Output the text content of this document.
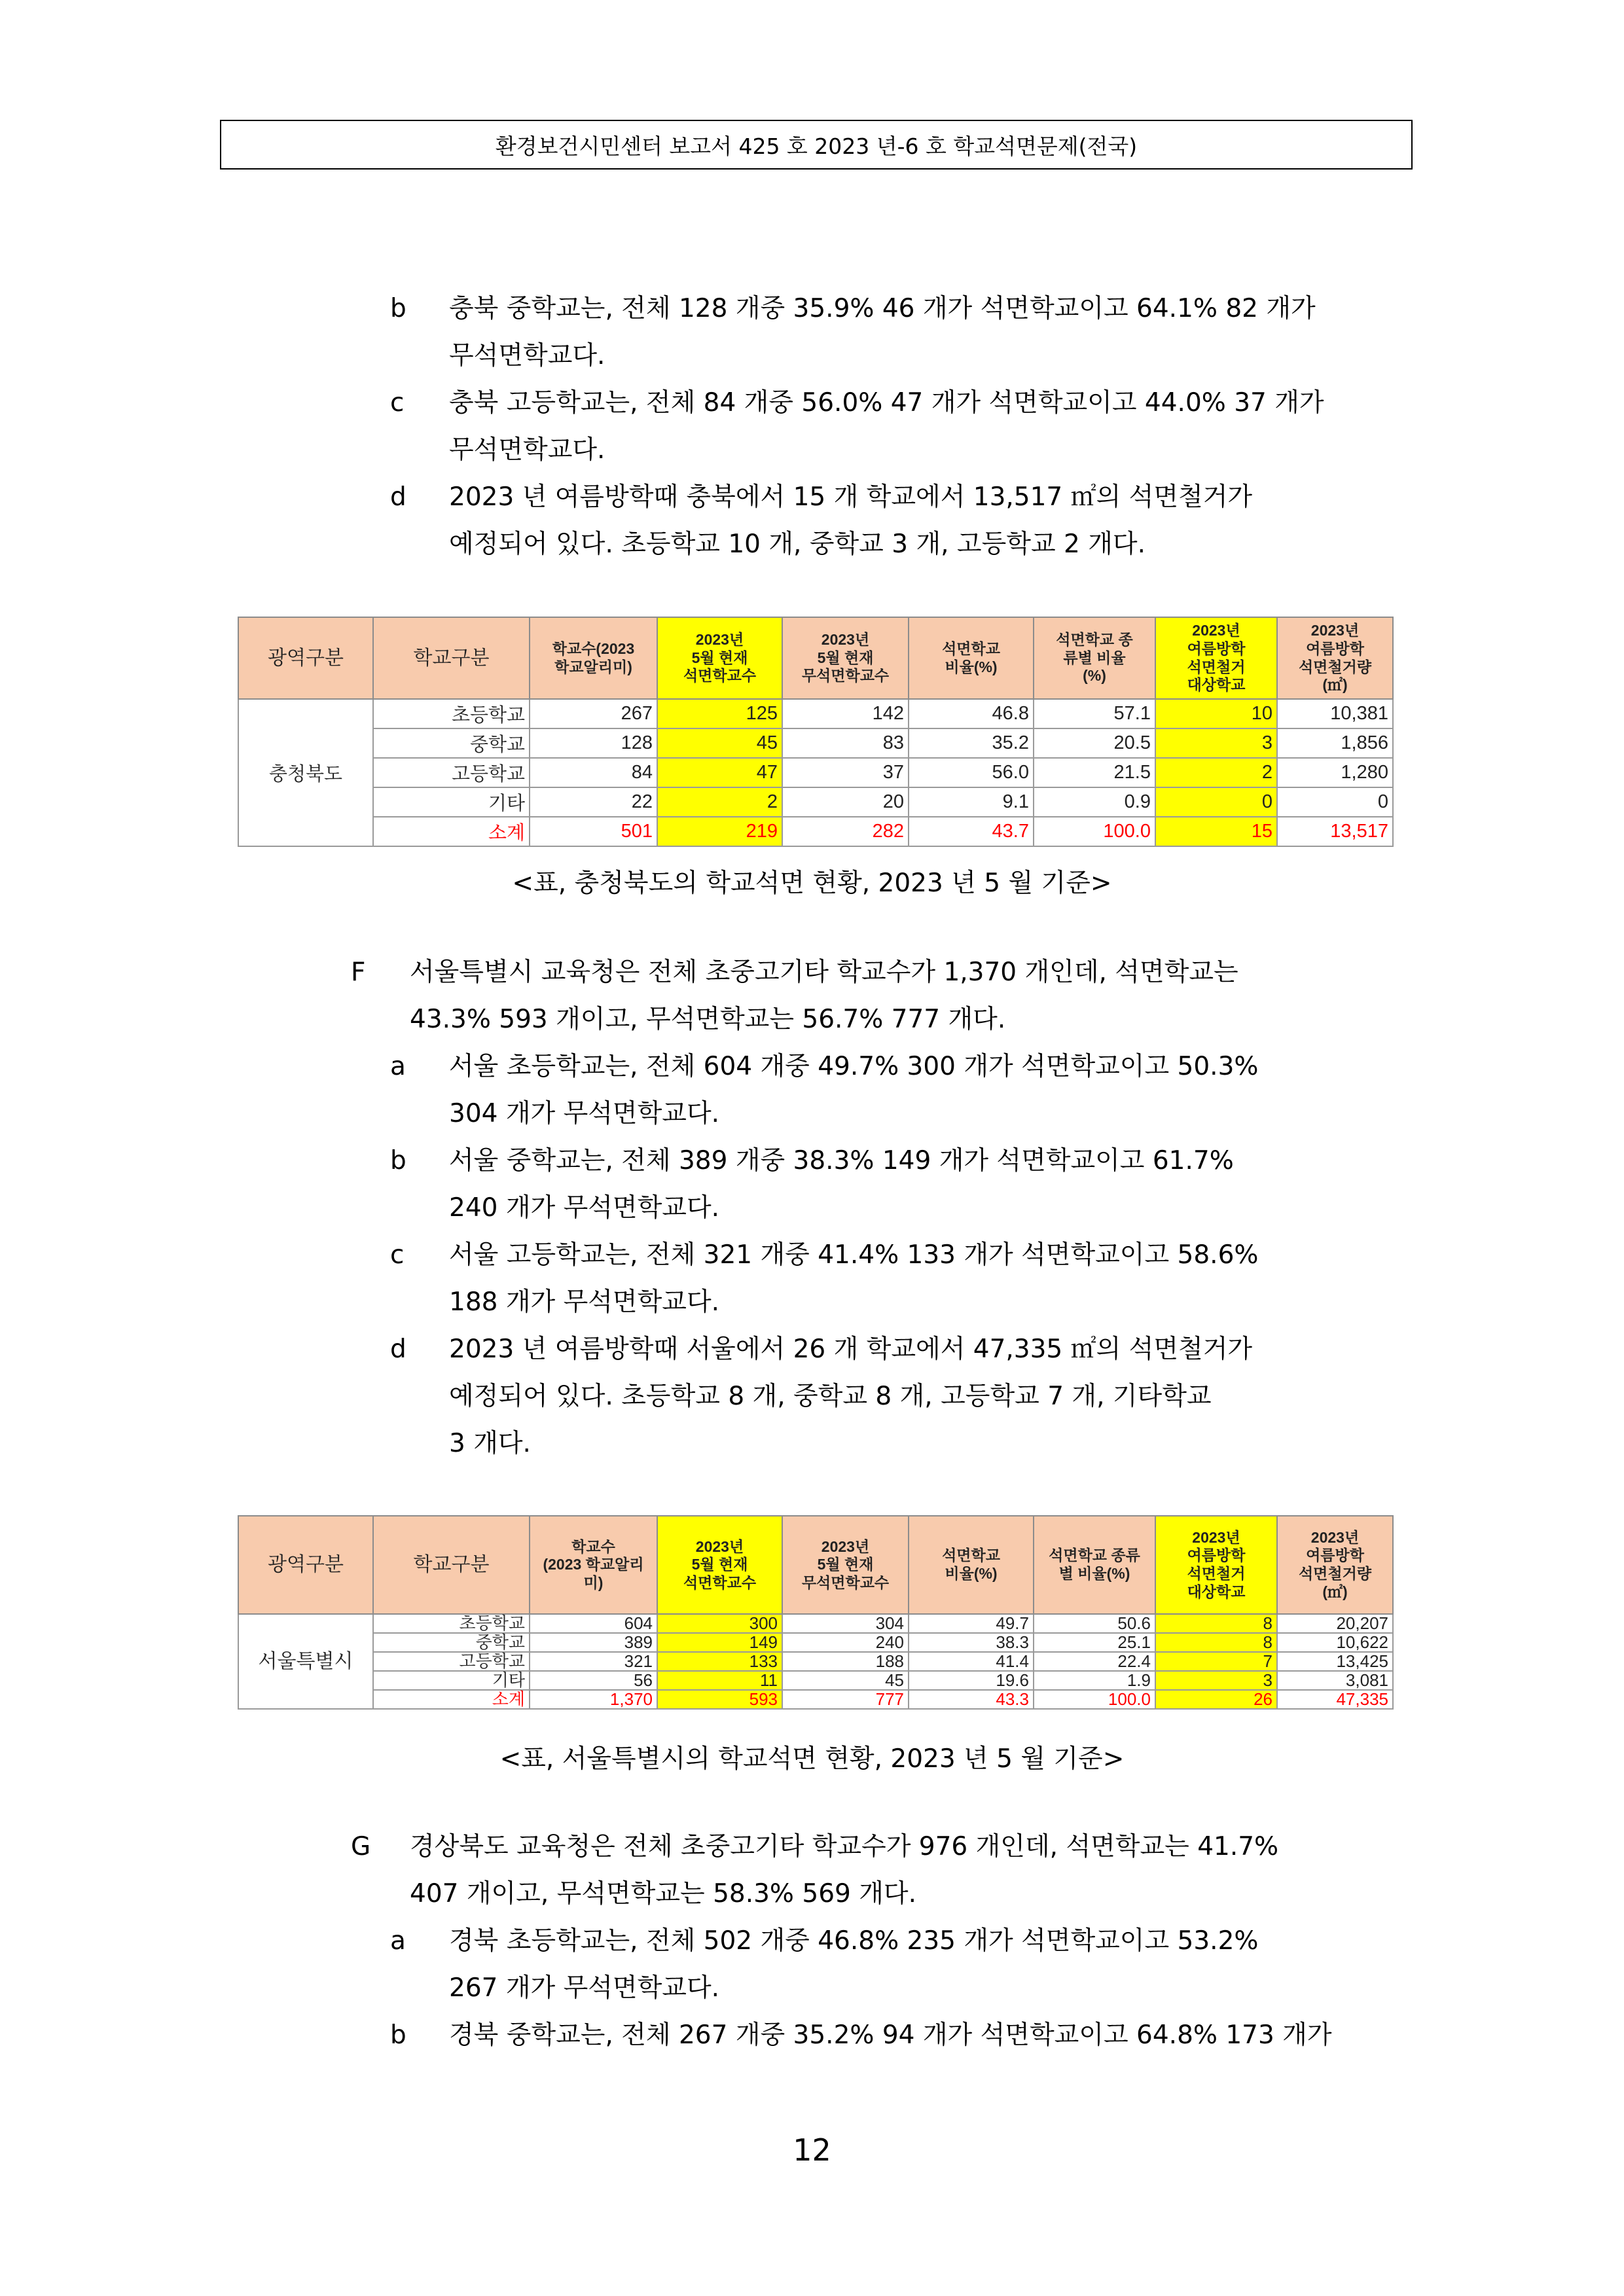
환경보건시민센터 보고서 425 호 2023 년-6 호 학교석면문제(전국)
b 충북 중학교는, 전체 128 개중 35.9% 46 개가 석면학교이고 64.1% 82 개가
무석면학교다.
c 충북 고등학교는, 전체 84 개중 56.0% 47 개가 석면학교이고 44.0% 37 개가
무석면학교다.
d 2023 년 여름방학때 충북에서 15 개 학교에서 13,517 ㎡의 석면철거가
예정되어 있다. 초등학교 10 개, 중학교 3 개, 고등학교 2 개다.
광역구분	학교구분	학교수(2023
학교알리미)	2023년
5월 현재
석면학교수	2023년
5월 현재
무석면학교수	석면학교
비율(%)	석면학교 종
류별 비율
(%)	2023년
여름방학
석면철거
대상학교	2023년
여름방학
석면철거량
(㎡)
충청북도	초등학교	267	125	142	46.8	57.1	10	10,381
	중학교	128	45	83	35.2	20.5	3	1,856
	고등학교	84	47	37	56.0	21.5	2	1,280
	기타	22	2	20	9.1	0.9	0	0
	소계	501	219	282	43.7	100.0	15	13,517
<표, 충청북도의 학교석면 현황, 2023 년 5 월 기준>
F 서울특별시 교육청은 전체 초중고기타 학교수가 1,370 개인데, 석면학교는
43.3% 593 개이고, 무석면학교는 56.7% 777 개다.
a 서울 초등학교는, 전체 604 개중 49.7% 300 개가 석면학교이고 50.3%
304 개가 무석면학교다.
b 서울 중학교는, 전체 389 개중 38.3% 149 개가 석면학교이고 61.7%
240 개가 무석면학교다.
c 서울 고등학교는, 전체 321 개중 41.4% 133 개가 석면학교이고 58.6%
188 개가 무석면학교다.
d 2023 년 여름방학때 서울에서 26 개 학교에서 47,335 ㎡의 석면철거가
예정되어 있다. 초등학교 8 개, 중학교 8 개, 고등학교 7 개, 기타학교
3 개다.
광역구분	학교구분	학교수
(2023 학교알리
미)	2023년
5월 현재
석면학교수	2023년
5월 현재
무석면학교수	석면학교
비율(%)	석면학교 종류
별 비율(%)	2023년
여름방학
석면철거
대상학교	2023년
여름방학
석면철거량
(㎡)
서울특별시	초등학교	604	300	304	49.7	50.6	8	20,207
	중학교	389	149	240	38.3	25.1	8	10,622
	고등학교	321	133	188	41.4	22.4	7	13,425
	기타	56	11	45	19.6	1.9	3	3,081
	소계	1,370	593	777	43.3	100.0	26	47,335
<표, 서울특별시의 학교석면 현황, 2023 년 5 월 기준>
G 경상북도 교육청은 전체 초중고기타 학교수가 976 개인데, 석면학교는 41.7%
407 개이고, 무석면학교는 58.3% 569 개다.
a 경북 초등학교는, 전체 502 개중 46.8% 235 개가 석면학교이고 53.2%
267 개가 무석면학교다.
b 경북 중학교는, 전체 267 개중 35.2% 94 개가 석면학교이고 64.8% 173 개가
12
